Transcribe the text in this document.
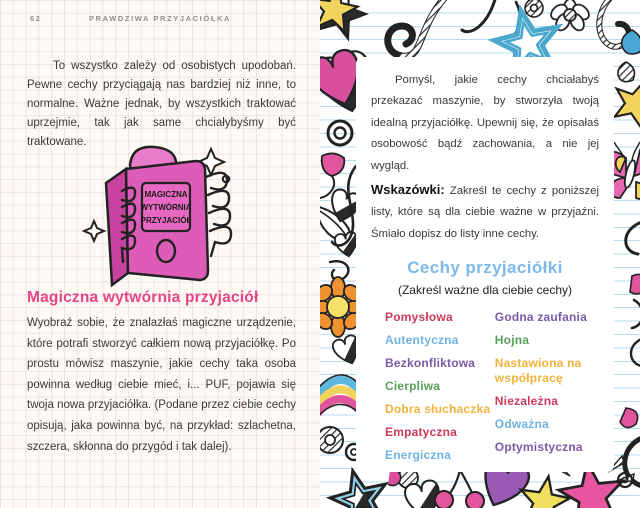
62	PRAWDZIWA PRZYJACIÓŁKA

To wszystko zależy od osobistych upodobań. Pewne cechy przyciągają nas bardziej niż inne, to normalne. Ważne jednak, by wszystkich traktować uprzejmie, tak jak same chciałybyśmy być traktowane.

MAGICZNA
WYTWÓRNIA
PRZYJACIÓŁ
Magiczna wytwórnia przyjaciół

Wyobraź sobie, że znalazłaś magiczne urządzenie, które potrafi stworzyć całkiem nową przyjaciółkę. Po prostu mówisz maszynie, jakie cechy taka osoba powinna według ciebie mieć, i... PUF, pojawia się twoja nowa przyjaciółka. (Podane przez ciebie cechy opisują, jaka powinna być, na przykład: szlachetna, szczera, skłonna do przygód i tak dalej).

Pomyśl, jakie cechy chciałabyś przekazać maszynie, by stworzyła twoją idealną przyjaciółkę. Upewnij się, że opisałaś osobowość bądź zachowania, a nie jej wygląd.

Wskazówki: Zakreśl te cechy z poniższej listy, które są dla ciebie ważne w przyjaźni. Śmiało dopisz do listy inne cechy.

Cechy przyjaciółki
(Zakreśl ważne dla ciebie cechy)
Pomysłowa
Autentyczna
Bezkonfliktowa
Cierpliwa
Dobra słuchaczka
Empatyczna
Energiczna
Godna zaufania
Hojna
Nastawiona na współpracę
Niezależna
Odważna
Optymistyczna
